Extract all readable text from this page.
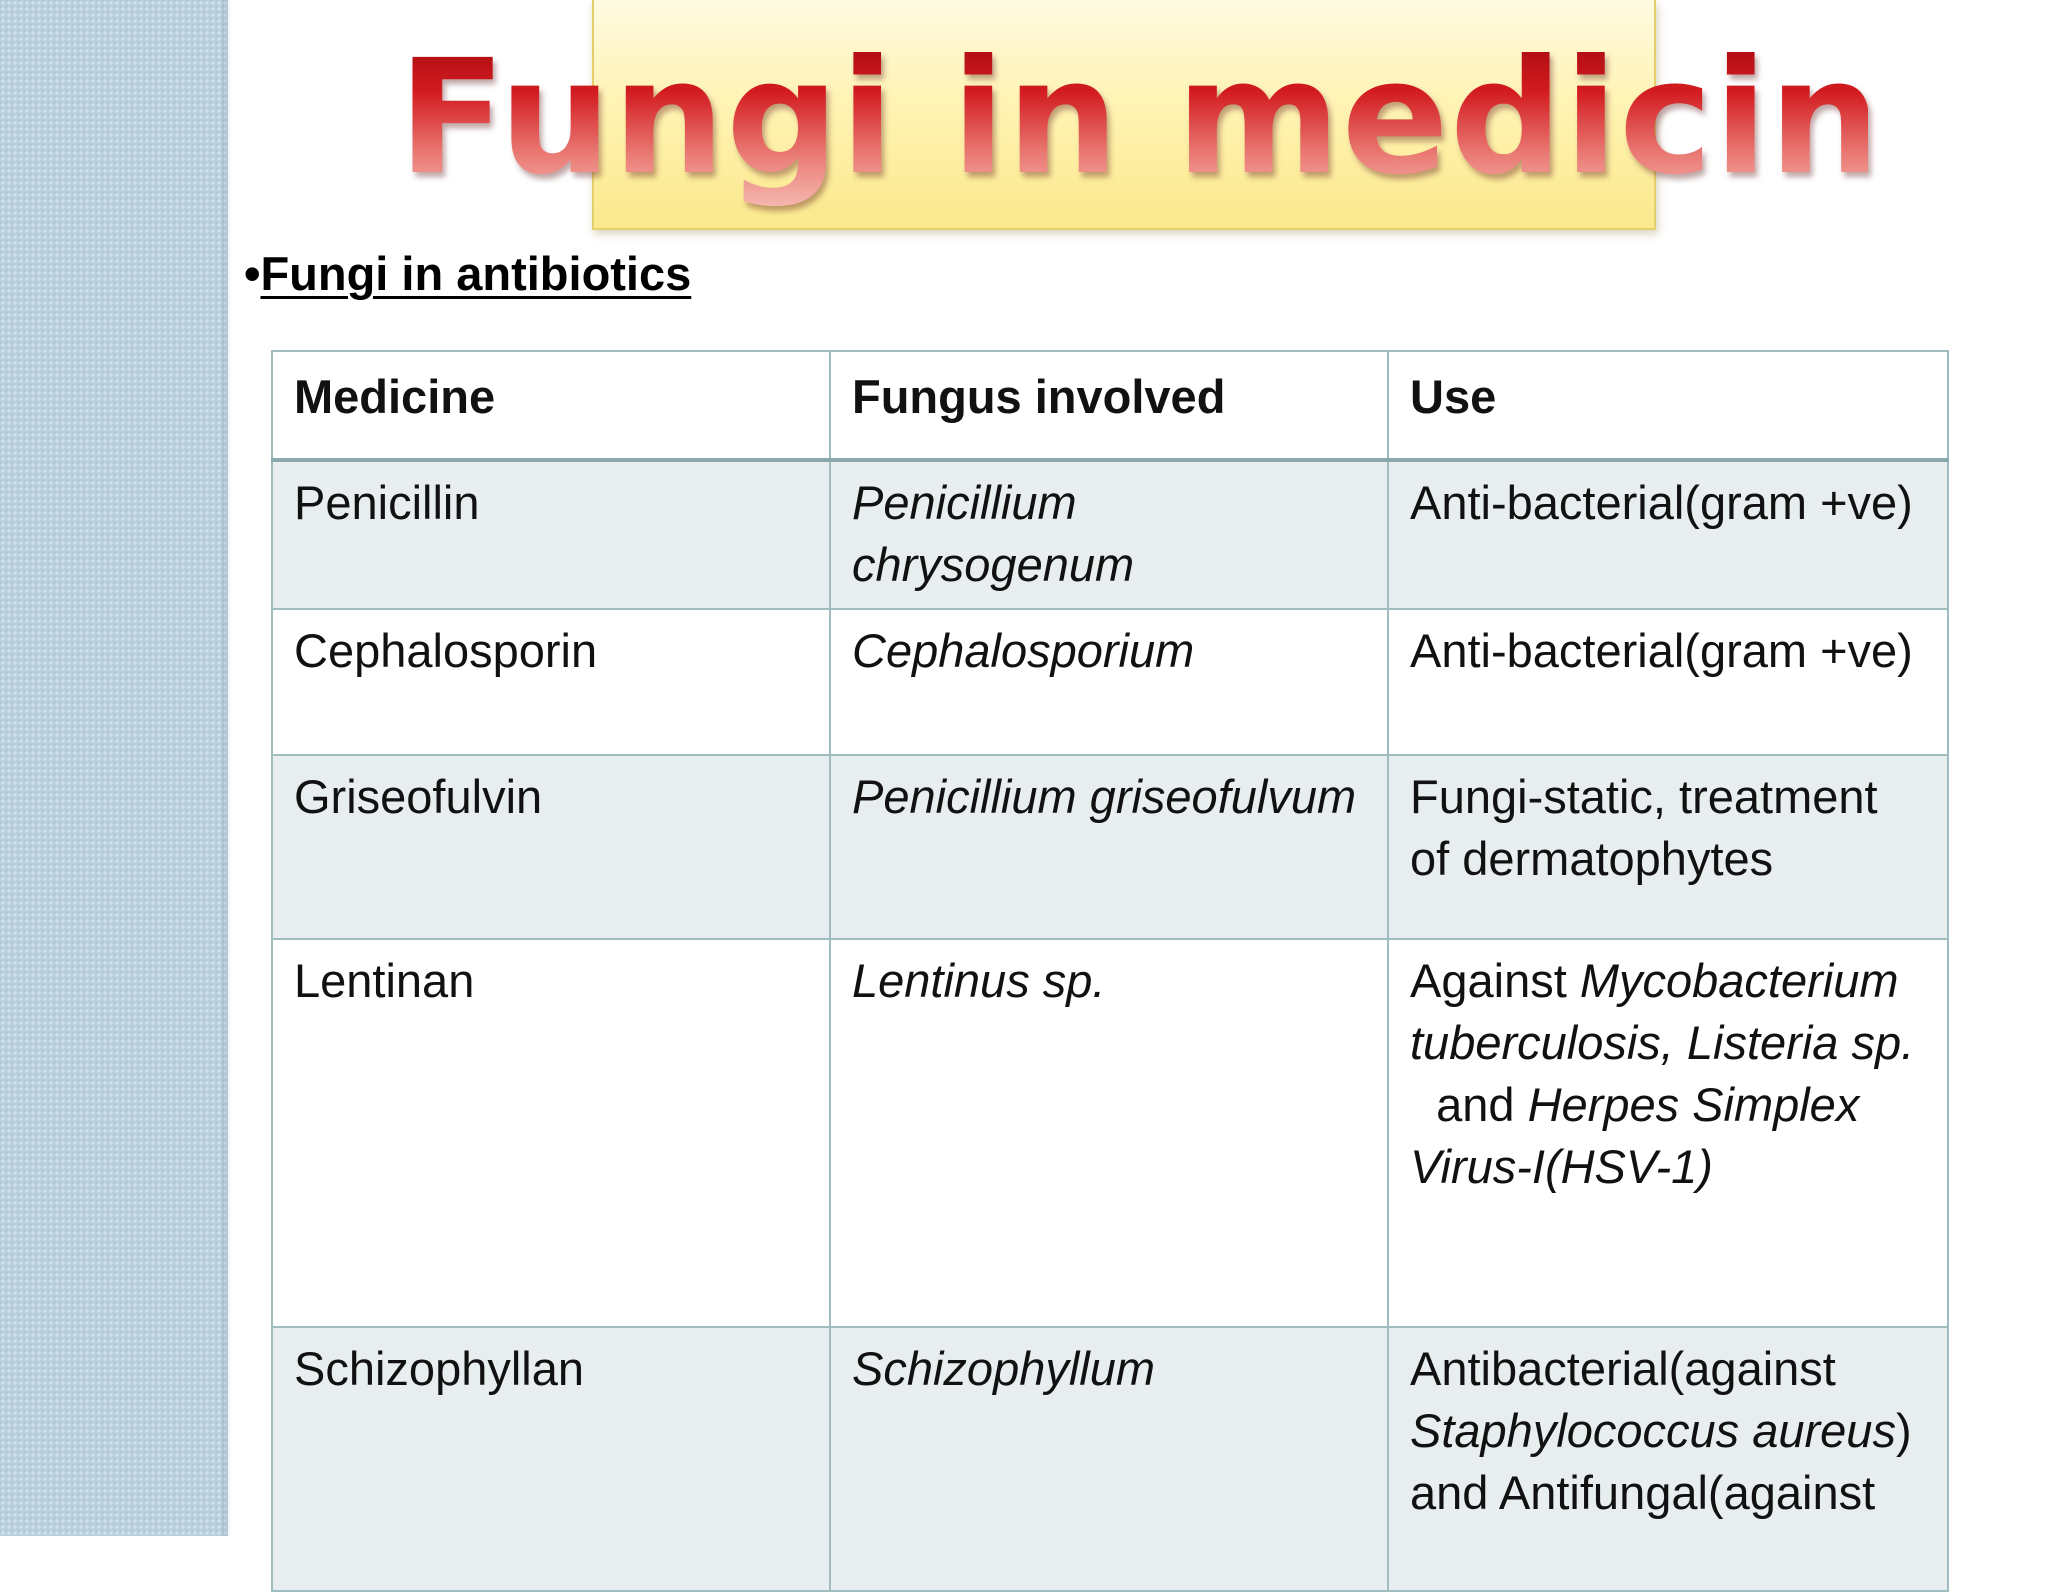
Fungi in medicine
•Fungi in antibiotics
Medicine	Fungus involved	Use
Penicillin	Penicillium chrysogenum	Anti-bacterial(gram +ve)
Cephalosporin	Cephalosporium	Anti-bacterial(gram +ve)
Griseofulvin	Penicillium griseofulvum	Fungi-static, treatment of dermatophytes
Lentinan	Lentinus sp.	Against Mycobacterium tuberculosis, Listeria sp.  and Herpes Simplex Virus-I(HSV-1)
Schizophyllan	Schizophyllum	Antibacterial(against Staphylococcus aureus) and Antifungal(against
